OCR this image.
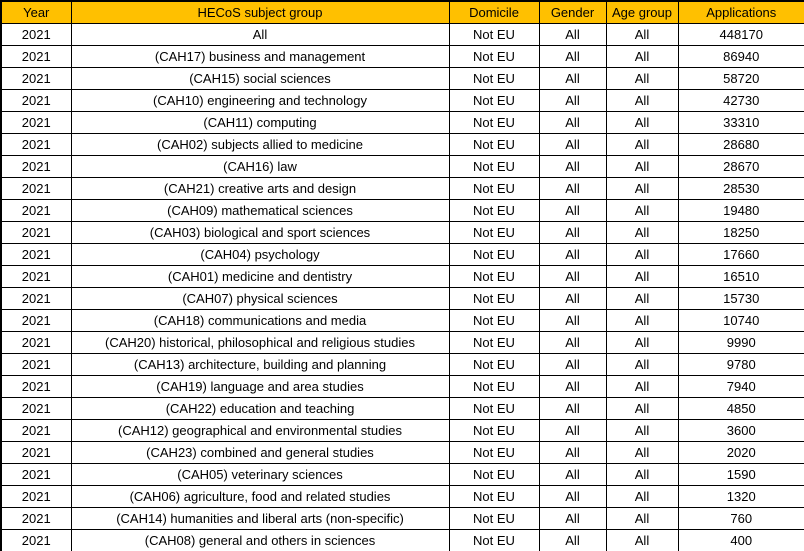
Year	HECoS subject group	Domicile	Gender	Age group	Applications
2021	All	Not EU	All	All	448170
2021	(CAH17) business and management	Not EU	All	All	86940
2021	(CAH15) social sciences	Not EU	All	All	58720
2021	(CAH10) engineering and technology	Not EU	All	All	42730
2021	(CAH11) computing	Not EU	All	All	33310
2021	(CAH02) subjects allied to medicine	Not EU	All	All	28680
2021	(CAH16) law	Not EU	All	All	28670
2021	(CAH21) creative arts and design	Not EU	All	All	28530
2021	(CAH09) mathematical sciences	Not EU	All	All	19480
2021	(CAH03) biological and sport sciences	Not EU	All	All	18250
2021	(CAH04) psychology	Not EU	All	All	17660
2021	(CAH01) medicine and dentistry	Not EU	All	All	16510
2021	(CAH07) physical sciences	Not EU	All	All	15730
2021	(CAH18) communications and media	Not EU	All	All	10740
2021	(CAH20) historical, philosophical and religious studies	Not EU	All	All	9990
2021	(CAH13) architecture, building and planning	Not EU	All	All	9780
2021	(CAH19) language and area studies	Not EU	All	All	7940
2021	(CAH22) education and teaching	Not EU	All	All	4850
2021	(CAH12) geographical and environmental studies	Not EU	All	All	3600
2021	(CAH23) combined and general studies	Not EU	All	All	2020
2021	(CAH05) veterinary sciences	Not EU	All	All	1590
2021	(CAH06) agriculture, food and related studies	Not EU	All	All	1320
2021	(CAH14) humanities and liberal arts (non-specific)	Not EU	All	All	760
2021	(CAH08) general and others in sciences	Not EU	All	All	400
